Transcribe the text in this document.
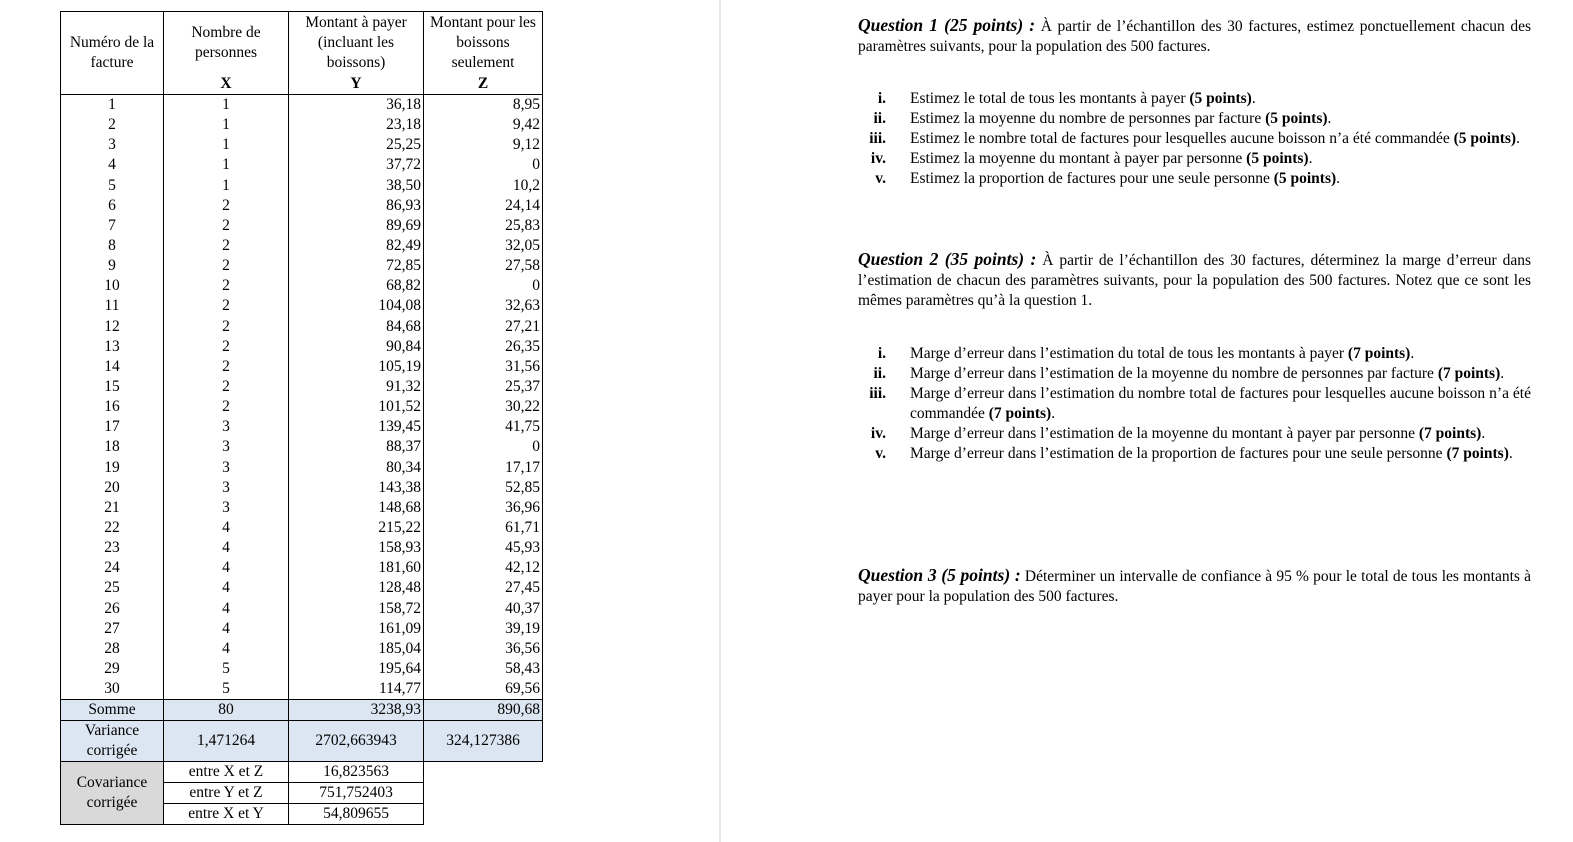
Numéro de la facture	Nombre de personnes	Montant à payer (incluant les boissons)	Montant pour les boissons seulement
	X	Y	Z
1	1	36,18	8,95
2	1	23,18	9,42
3	1	25,25	9,12
4	1	37,72	0
5	1	38,50	10,2
6	2	86,93	24,14
7	2	89,69	25,83
8	2	82,49	32,05
9	2	72,85	27,58
10	2	68,82	0
11	2	104,08	32,63
12	2	84,68	27,21
13	2	90,84	26,35
14	2	105,19	31,56
15	2	91,32	25,37
16	2	101,52	30,22
17	3	139,45	41,75
18	3	88,37	0
19	3	80,34	17,17
20	3	143,38	52,85
21	3	148,68	36,96
22	4	215,22	61,71
23	4	158,93	45,93
24	4	181,60	42,12
25	4	128,48	27,45
26	4	158,72	40,37
27	4	161,09	39,19
28	4	185,04	36,56
29	5	195,64	58,43
30	5	114,77	69,56
Somme	80	3238,93	890,68
Variance corrigée	1,471264	2702,663943	324,127386
Covariance corrigée	entre X et Z	16,823563	
	entre Y et Z	751,752403	
	entre X et Y	54,809655	
Question 1 (25 points) : À partir de l’échantillon des 30 factures, estimez ponctuellement chacun des paramètres suivants, pour la population des 500 factures.
i. Estimez le total de tous les montants à payer (5 points).
ii. Estimez la moyenne du nombre de personnes par facture (5 points).
iii. Estimez le nombre total de factures pour lesquelles aucune boisson n’a été commandée (5 points).
iv. Estimez la moyenne du montant à payer par personne (5 points).
v. Estimez la proportion de factures pour une seule personne (5 points).
Question 2 (35 points) : À partir de l’échantillon des 30 factures, déterminez la marge d’erreur dans l’estimation de chacun des paramètres suivants, pour la population des 500 factures. Notez que ce sont les mêmes paramètres qu’à la question 1.
i. Marge d’erreur dans l’estimation du total de tous les montants à payer (7 points).
ii. Marge d’erreur dans l’estimation de la moyenne du nombre de personnes par facture (7 points).
iii. Marge d’erreur dans l’estimation du nombre total de factures pour lesquelles aucune boisson n’a été commandée (7 points).
iv. Marge d’erreur dans l’estimation de la moyenne du montant à payer par personne (7 points).
v. Marge d’erreur dans l’estimation de la proportion de factures pour une seule personne (7 points).
Question 3 (5 points) : Déterminer un intervalle de confiance à 95 % pour le total de tous les montants à payer pour la population des 500 factures.
